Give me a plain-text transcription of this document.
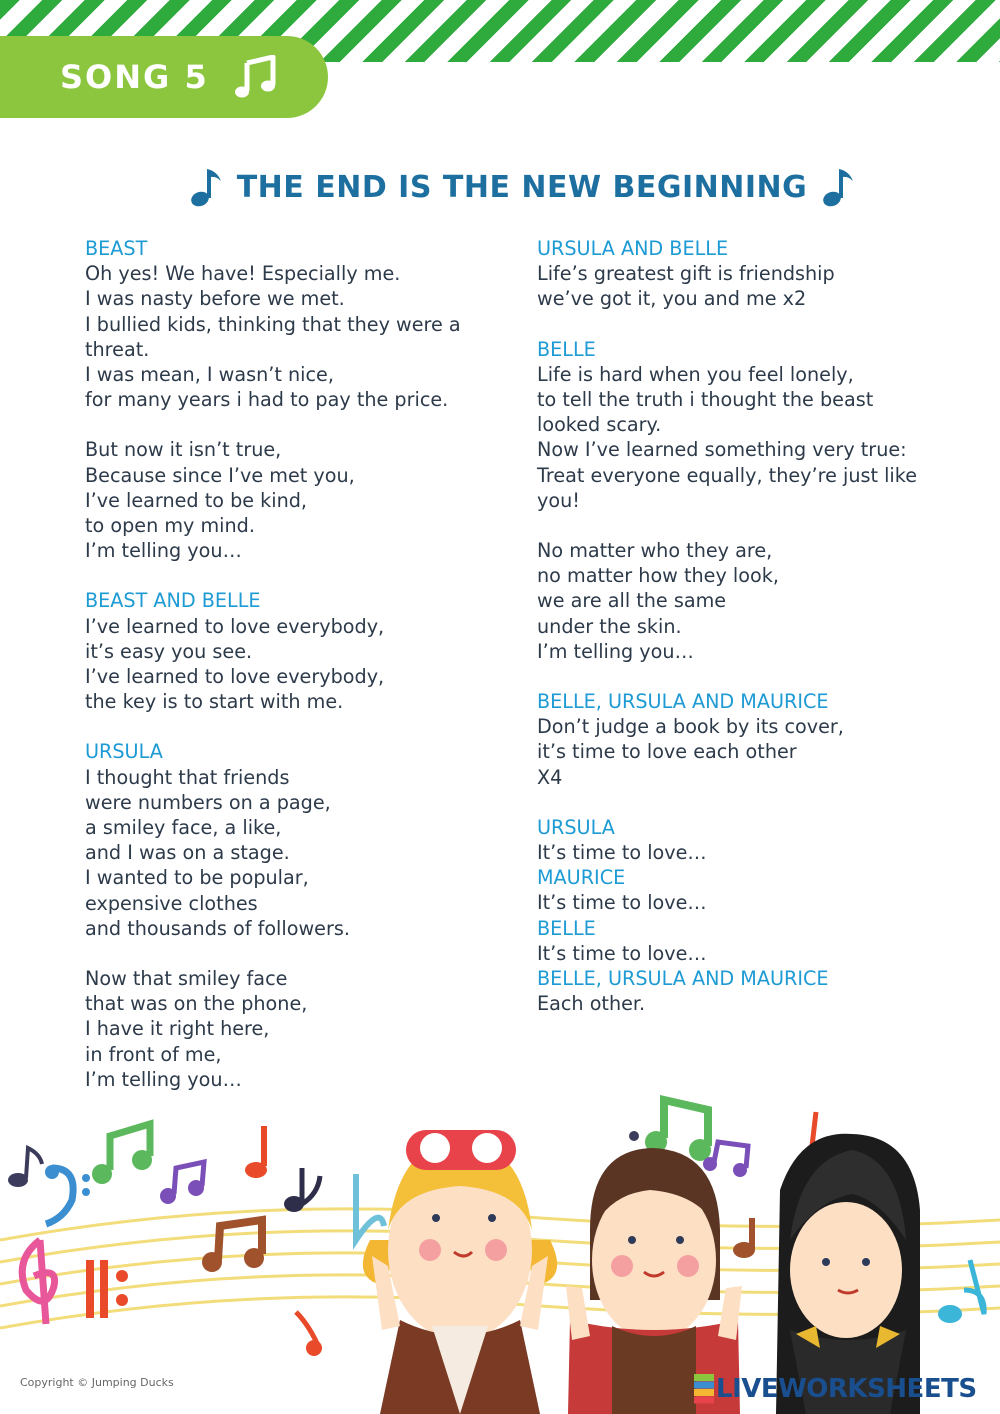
SONG 5
THE END IS THE NEW BEGINNING
BEAST
Oh yes! We have! Especially me.
I was nasty before we met.
I bullied kids, thinking that they were a
threat.
I was mean, I wasn’t nice,
for many years i had to pay the price.
But now it isn’t true,
Because since I’ve met you,
I’ve learned to be kind,
to open my mind.
I’m telling you…
BEAST AND BELLE
I’ve learned to love everybody,
it’s easy you see.
I’ve learned to love everybody,
the key is to start with me.
URSULA
I thought that friends
were numbers on a page,
a smiley face, a like,
and I was on a stage.
I wanted to be popular,
expensive clothes
and thousands of followers.
Now that smiley face
that was on the phone,
I have it right here,
in front of me,
I’m telling you…
URSULA AND BELLE
Life’s greatest gift is friendship
we’ve got it, you and me x2
BELLE
Life is hard when you feel lonely,
to tell the truth i thought the beast
looked scary.
Now I’ve learned something very true:
Treat everyone equally, they’re just like
you!
No matter who they are,
no matter how they look,
we are all the same
under the skin.
I’m telling you…
BELLE, URSULA AND MAURICE
Don’t judge a book by its cover,
it’s time to love each other
X4
URSULA
It’s time to love…
MAURICE
It’s time to love…
BELLE
It’s time to love…
BELLE, URSULA AND MAURICE
Each other.
Copyright © Jumping Ducks	LIVEWORKSHEETS
